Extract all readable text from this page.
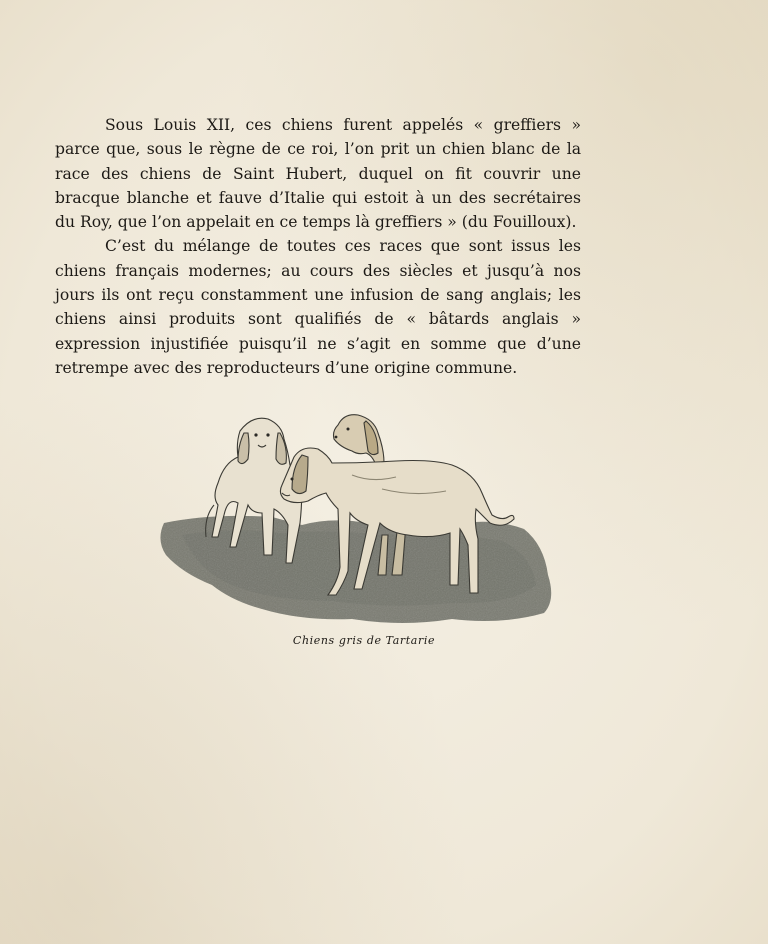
Sous Louis XII, ces chiens furent appelés « greffiers » parce que, sous le règne de ce roi, l’on prit un chien blanc de la race des chiens de Saint Hubert, duquel on fit couvrir une bracque blanche et fauve d’Italie qui estoit à un des secrétaires du Roy, que l’on appelait en ce temps là greffiers » (du Fouilloux).

C’est du mélange de toutes ces races que sont issus les chiens français modernes; au cours des siècles et jusqu’à nos jours ils ont reçu constamment une infusion de sang anglais; les chiens ainsi produits sont qualifiés de « bâtards anglais » expression injustifiée puisqu’il ne s’agit en somme que d’une retrempe avec des reproducteurs d’une origine commune.

Chiens gris de Tartarie
